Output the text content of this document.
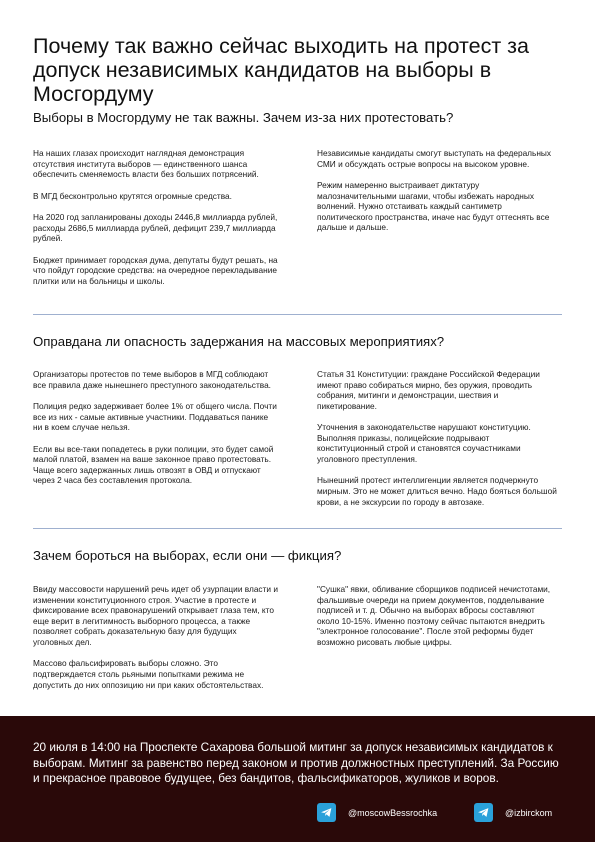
Почему так важно сейчас выходить на протест за допуск независимых кандидатов на выборы в Мосгордуму
Выборы в Мосгордуму не так важны. Зачем из-за них протестовать?

На наших глазах происходит наглядная демонстрация отсутствия института выборов — единственного шанса обеспечить сменяемость власти без больших потрясений.

В МГД бесконтрольно крутятся огромные средства.

На 2020 год запланированы доходы 2446,8 миллиарда рублей, расходы 2686,5 миллиарда рублей, дефицит 239,7 миллиарда рублей.

Бюджет принимает городская дума, депутаты будут решать, на что пойдут городские средства: на очередное перекладывание плитки или на больницы и школы.

Независимые кандидаты смогут выступать на федеральных СМИ и обсуждать острые вопросы на высоком уровне.

Режим намеренно выстраивает диктатуру малозначительными шагами, чтобы избежать народных волнений. Нужно отстаивать каждый сантиметр политического пространства, иначе нас будут оттеснять все дальше и дальше.

Оправдана ли опасность задержания на массовых мероприятиях?

Организаторы протестов по теме выборов в МГД соблюдают все правила даже нынешнего преступного законодательства.

Полиция редко задерживает более 1% от общего числа. Почти все из них - самые активные участники. Поддаваться панике ни в коем случае нельзя.

Если вы все-таки попадетесь в руки полиции, это будет самой малой платой, взамен на ваше законное право протестовать. Чаще всего задержанных лишь отвозят в ОВД и отпускают через 2 часа без составления протокола.

Статья 31 Конституции: граждане Российской Федерации имеют право собираться мирно, без оружия, проводить собрания, митинги и демонстрации, шествия и пикетирование.

Уточнения в законодательстве нарушают конституцию. Выполняя приказы, полицейские подрывают конституционный строй и становятся соучастниками уголовного преступления.

Нынешний протест интеллигенции является подчеркнуто мирным. Это не может длиться вечно. Надо бояться большой крови, а не экскурсии по городу в автозаке.

Зачем бороться на выборах, если они — фикция?

Ввиду массовости нарушений речь идет об узурпации власти и изменении конституционного строя. Участие в протесте и фиксирование всех правонарушений открывает глаза тем, кто еще верит в легитимность выборного процесса, а также позволяет собрать доказательную базу для будущих уголовных дел.

Массово фальсифировать выборы сложно. Это подтверждается столь рьяными попытками режима не допустить до них оппозицию ни при каких обстоятельствах.

"Сушка" явки, обливание сборщиков подписей нечистотами, фальшивые очереди на прием документов, подделывание подписей и т. д. Обычно на выборах вбросы составляют около 10-15%. Именно поэтому сейчас пытаются внедрить "электронное голосование". После этой реформы будет возможно рисовать любые цифры.

20 июля в 14:00 на Проспекте Сахарова большой митинг за допуск независимых кандидатов к выборам. Митинг за равенство перед законом и против должностных преступлений. За Россию и прекрасное правовое будущее, без бандитов, фальсификаторов, жуликов и воров.
@moscowBessrochka	@izbirckom
